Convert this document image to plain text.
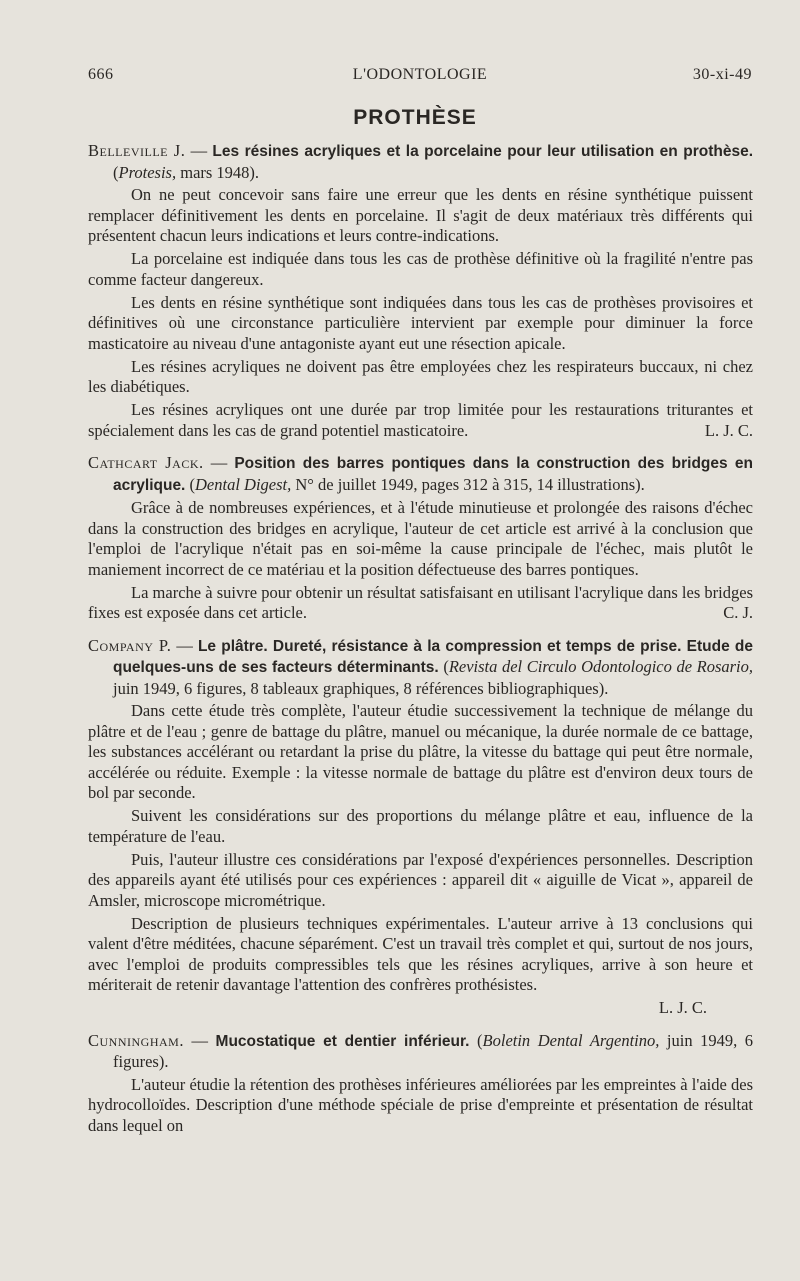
666	L'ODONTOLOGIE	30-xi-49
PROTHÈSE
Belleville J. — Les résines acryliques et la porcelaine pour leur utilisation en prothèse. (Protesis, mars 1948).

On ne peut concevoir sans faire une erreur que les dents en résine synthétique puissent remplacer définitivement les dents en porcelaine. Il s'agit de deux matériaux très différents qui présentent chacun leurs indications et leurs contre-indications.

La porcelaine est indiquée dans tous les cas de prothèse définitive où la fragilité n'entre pas comme facteur dangereux.

Les dents en résine synthétique sont indiquées dans tous les cas de prothèses provisoires et définitives où une circonstance particulière intervient par exemple pour diminuer la force masticatoire au niveau d'une antagoniste ayant eut une résection apicale.

Les résines acryliques ne doivent pas être employées chez les respirateurs buccaux, ni chez les diabétiques.

Les résines acryliques ont une durée par trop limitée pour les restaurations triturantes et spécialement dans les cas de grand potentiel masticatoire.	L. J. C.

Cathcart Jack. — Position des barres pontiques dans la construction des bridges en acrylique. (Dental Digest, N° de juillet 1949, pages 312 à 315, 14 illustrations).

Grâce à de nombreuses expériences, et à l'étude minutieuse et prolongée des raisons d'échec dans la construction des bridges en acrylique, l'auteur de cet article est arrivé à la conclusion que l'emploi de l'acrylique n'était pas en soi-même la cause principale de l'échec, mais plutôt le maniement incorrect de ce matériau et la position défectueuse des barres pontiques.

La marche à suivre pour obtenir un résultat satisfaisant en utilisant l'acrylique dans les bridges fixes est exposée dans cet article.	C. J.

Company P. — Le plâtre. Dureté, résistance à la compression et temps de prise. Etude de quelques-uns de ses facteurs déterminants. (Revista del Circulo Odontologico de Rosario, juin 1949, 6 figures, 8 tableaux graphiques, 8 références bibliographiques).

Dans cette étude très complète, l'auteur étudie successivement la technique de mélange du plâtre et de l'eau ; genre de battage du plâtre, manuel ou mécanique, la durée normale de ce battage, les substances accélérant ou retardant la prise du plâtre, la vitesse du battage qui peut être normale, accélérée ou réduite. Exemple : la vitesse normale de battage du plâtre est d'environ deux tours de bol par seconde.

Suivent les considérations sur des proportions du mélange plâtre et eau, influence de la température de l'eau.

Puis, l'auteur illustre ces considérations par l'exposé d'expériences personnelles. Description des appareils ayant été utilisés pour ces expériences : appareil dit « aiguille de Vicat », appareil de Amsler, microscope micrométrique.

Description de plusieurs techniques expérimentales. L'auteur arrive à 13 conclusions qui valent d'être méditées, chacune séparément. C'est un travail très complet et qui, surtout de nos jours, avec l'emploi de produits compressibles tels que les résines acryliques, arrive à son heure et mériterait de retenir davantage l'attention des confrères prothésistes.

L. J. C.
Cunningham. — Mucostatique et dentier inférieur. (Boletin Dental Argentino, juin 1949, 6 figures).

L'auteur étudie la rétention des prothèses inférieures améliorées par les empreintes à l'aide des hydrocolloïdes. Description d'une méthode spéciale de prise d'empreinte et présentation de résultat dans lequel on
